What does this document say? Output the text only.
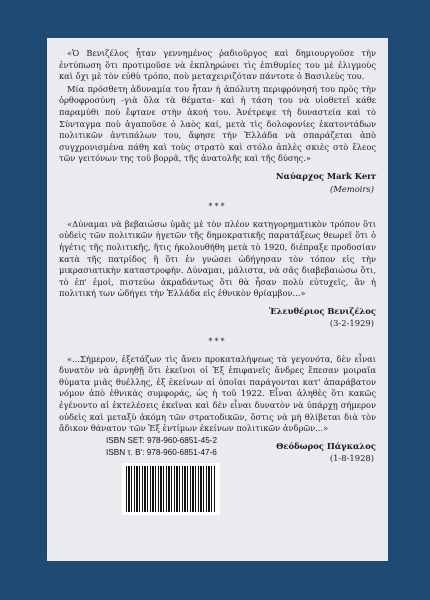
«Ὁ Βενιζέλος ἦταν γεννημένος ῥαδιοῦργος καὶ δημιουργοῦσε τὴν ἐντύπωση ὅτι προτιμοῦσε νὰ ἐκπληρώνει τὶς ἐπιθυμίες του μὲ ἑλιγμοὺς καὶ ὄχι μὲ τὸν εὐθὺ τρόπο, ποὺ μεταχειριζόταν πάντοτε ὁ Βασιλεὺς του.

Μία πρόσθετη ἀδυναμία του ἦταν ἡ ἀπόλυτη περιφρόνησή του πρὸς τὴν ὀρθοφροσύνη -γιὰ ὅλα τὰ θέματα- καὶ ἡ τάση του νὰ υἱοθετεῖ κάθε παραμύθι ποὺ ἔφτανε στὴν ἀκοή του. Ἀνέτρεψε τὴ δυναστεία καὶ τὸ Σύνταγμα ποὺ ἀγαποῦσε ὁ λαὸς καί, μετὰ τὶς δολοφονίες ἑκατοντάδων πολιτικῶν ἀντιπάλων του, ἄφησε τὴν Ἑλλάδα νὰ σπαράζεται ἀπὸ συγχρονισμένα πάθη καὶ τοὺς στρατὸ καὶ στόλο ἁπλὲς σκιὲς στὸ ἔλεος τῶν γειτόνων της τοῦ βορρᾶ, τῆς ἀνατολῆς καὶ τῆς δύσης.»

Ναύαρχος Mark Kerr

(Memoirs)

***

«Δύναμαι νὰ βεβαιώσω ὑμᾶς μὲ τὸν πλέον κατηγορηματικὸν τρόπον ὅτι οὐδεὶς τῶν πολιτικῶν ἡγετῶν τῆς δημοκρατικῆς παρατάξεως θεωρεῖ ὅτι ὁ ἡγέτις τῆς πολιτικῆς, ἥτις ἠκολουθήθη μετὰ τὸ 1920, διέπραξε προδοσίαν κατὰ τῆς πατρίδος ἢ ὅτι ἐν γνώσει ὡδήγησαν τὸν τόπον εἰς τὴν μικρασιατικὴν καταστροφήν. Δύναμαι, μάλιστα, νὰ σᾶς διαβεβαιώσω ὅτι, τὸ ἐπ' ἐμοί, πιστεύω ἀκραδάντως ὅτι θὰ ἦσαν πολὺ εὐτυχεῖς, ἂν ἡ πολιτική των ὡδήγει τὴν Ἑλλάδα εἰς ἐθνικὸν θρίαμβον...»

Ἐλευθέριος Βενιζέλος

(3-2-1929)

***

«...Σήμερον, ἐξετάζων τὶς ἄνευ προκαταλήψεως τὰ γεγονότα, δὲν εἶναι δυνατὸν νὰ ἀρνηθῇ ὅτι ἐκεῖνοι οἱ Ἐξ ἐπιφανεῖς ἄνδρες ἔπεσαν μοιραῖα θύματα μιᾶς θυέλλης, ἐξ ἐκείνων αἱ ὁποῖαι παράγονται κατ' ἀπαράβατον νόμον ἀπὸ ἐθνικὰς συμφοράς, ὡς ἡ τοῦ 1922. Εἶναι ἀληθὲς ὅτι κακῶς ἐγένοντο αἱ ἐκτελέσεις ἐκεῖναι καὶ δὲν εἶναι δυνατὸν νὰ ὑπάρχῃ σήμερον οὐδεὶς καὶ μεταξὺ ἀκόμη τῶν στρατοδικῶν, ὅστις νὰ μὴ θλίβεται διὰ τὸν ἄδικον θάνατον τῶν Ἐξ ἐντίμων ἐκείνων πολιτικῶν ἀνδρῶν...»

Θεόδωρος Πάγκαλος

(1-8-1928)

ISBN SET: 978-960-6851-45-2
ISBN τ. B': 978-960-6851-47-6
